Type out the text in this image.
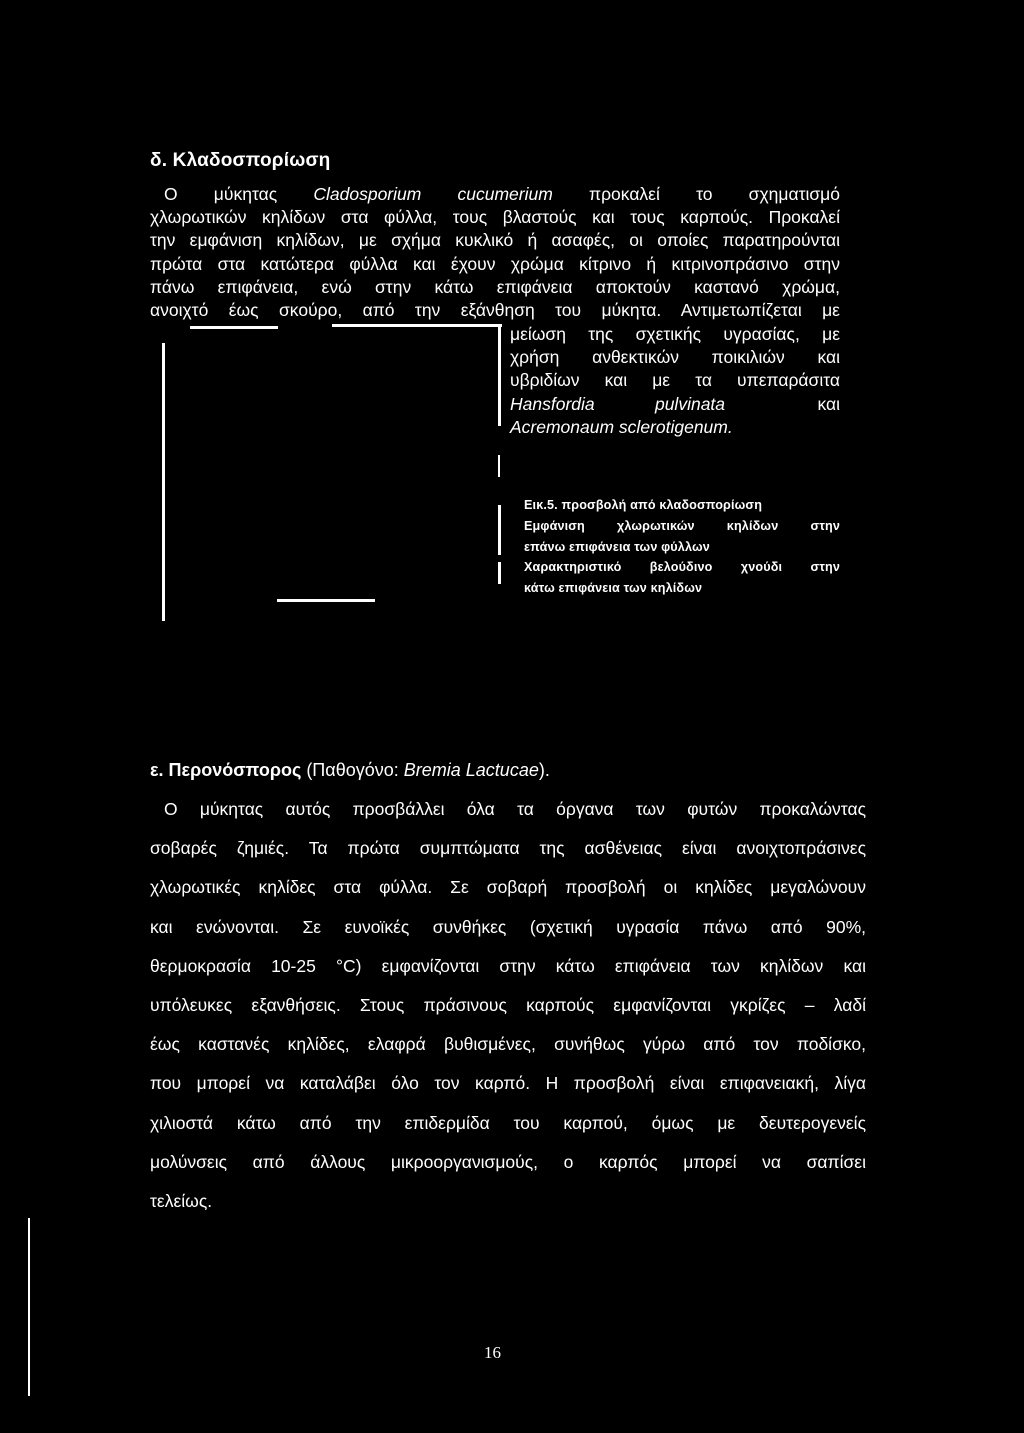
δ. Κλαδοσπορίωση
Ο μύκητας Cladosporium cucumerium προκαλεί το σχηματισμό
χλωρωτικών κηλίδων στα φύλλα, τους βλαστούς και τους καρπούς. Προκαλεί
την εμφάνιση κηλίδων, με σχήμα κυκλικό ή ασαφές, οι οποίες παρατηρούνται
πρώτα στα κατώτερα φύλλα και έχουν χρώμα κίτρινο ή κιτρινοπράσινο στην
πάνω επιφάνεια, ενώ στην κάτω επιφάνεια αποκτούν καστανό χρώμα,
ανοιχτό έως σκούρο, από την εξάνθηση του μύκητα. Αντιμετωπίζεται με
μείωση της σχετικής υγρασίας, με
χρήση ανθεκτικών ποικιλιών και
υβριδίων και με τα υπεπαράσιτα
Hansfordia	pulvinata	και
Acremonaum sclerotigenum.
Εικ.5. προσβολή από κλαδοσπορίωση
Εμφάνιση χλωρωτικών κηλίδων στην
επάνω επιφάνεια των φύλλων
Χαρακτηριστικό βελούδινο χνούδι στην
κάτω επιφάνεια των κηλίδων
ε. Περονόσπορος (Παθογόνο: Bremia Lactucae).
Ο μύκητας αυτός προσβάλλει όλα τα όργανα των φυτών προκαλώντας
σοβαρές ζημιές. Τα πρώτα συμπτώματα της ασθένειας είναι ανοιχτοπράσινες
χλωρωτικές κηλίδες στα φύλλα. Σε σοβαρή προσβολή οι κηλίδες μεγαλώνουν
και ενώνονται. Σε ευνοϊκές συνθήκες (σχετική υγρασία πάνω από 90%,
θερμοκρασία 10-25 °C) εμφανίζονται στην κάτω επιφάνεια των κηλίδων και
υπόλευκες εξανθήσεις. Στους πράσινους καρπούς εμφανίζονται γκρίζες – λαδί
έως καστανές κηλίδες, ελαφρά βυθισμένες, συνήθως γύρω από τον ποδίσκο,
που μπορεί να καταλάβει όλο τον καρπό. Η προσβολή είναι επιφανειακή, λίγα
χιλιοστά κάτω από την επιδερμίδα του καρπού, όμως με δευτερογενείς
μολύνσεις από άλλους μικροοργανισμούς, ο καρπός μπορεί να σαπίσει
τελείως.
16
